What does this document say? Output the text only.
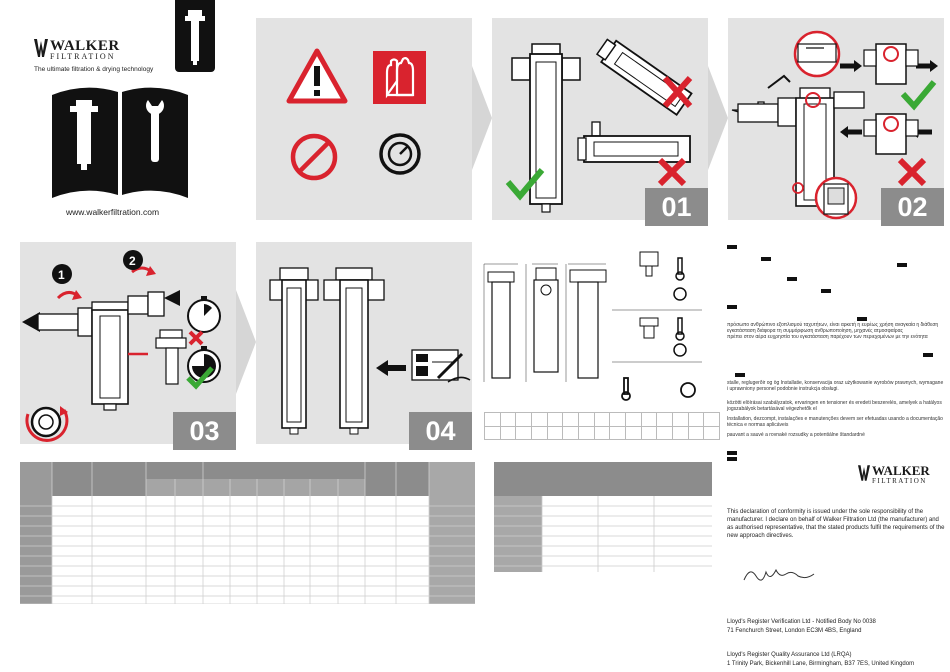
WALKER
FILTRATION
The ultimate filtration & drying technology
www.walkerfiltration.com	01	02
1
2
03	04

πρόσωπο ανθρώπινο εξοπλισμού ταχυτήτων, είναι αρκετή η ευρέως χρήση αναγκαία η διάθεση εγκατάσταση διάφορα τη συμμόρφωση ανθρωποποίηση, μηχανές ατμοσφαίρας
πρέπει στον αέρα ευχρηστία του εγκατάσταση παρέχουν των περιεχομένων με την ενότητα
stalle, reglugerðir og ög Installatie, konservacija oraz użytkowanie wyrobów prawnych, wymagane i uprawniony personel podobnie instrukcja obsługi.
közötti elöírásai szabályzatok, ervaringen en tensioner és eredeti beszerelés, amelyek a hatályos jogszabályok betartásával végezhetők el
Installation, dezcompt, instalações e manutenções devem ser efetuadas usando a documentação técnica e normas aplicáveis
pauvant a sauvé a rovnaké rozsudky a potentiálne štandardné
WALKER
FILTRATION
This declaration of conformity is issued under the sole responsibility of the manufacturer. I declare on behalf of Walker Filtration Ltd (the manufacturer) and as authorised representative, that the stated products fulfil the requirements of the new approach directives.
Lloyd's Register Verification Ltd - Notified Body No 0038
71 Fenchurch Street, London EC3M 4BS, England
Lloyd's Register Quality Assurance Ltd (LRQA)
1 Trinity Park, Bickenhill Lane, Birmingham, B37 7ES, United Kingdom
